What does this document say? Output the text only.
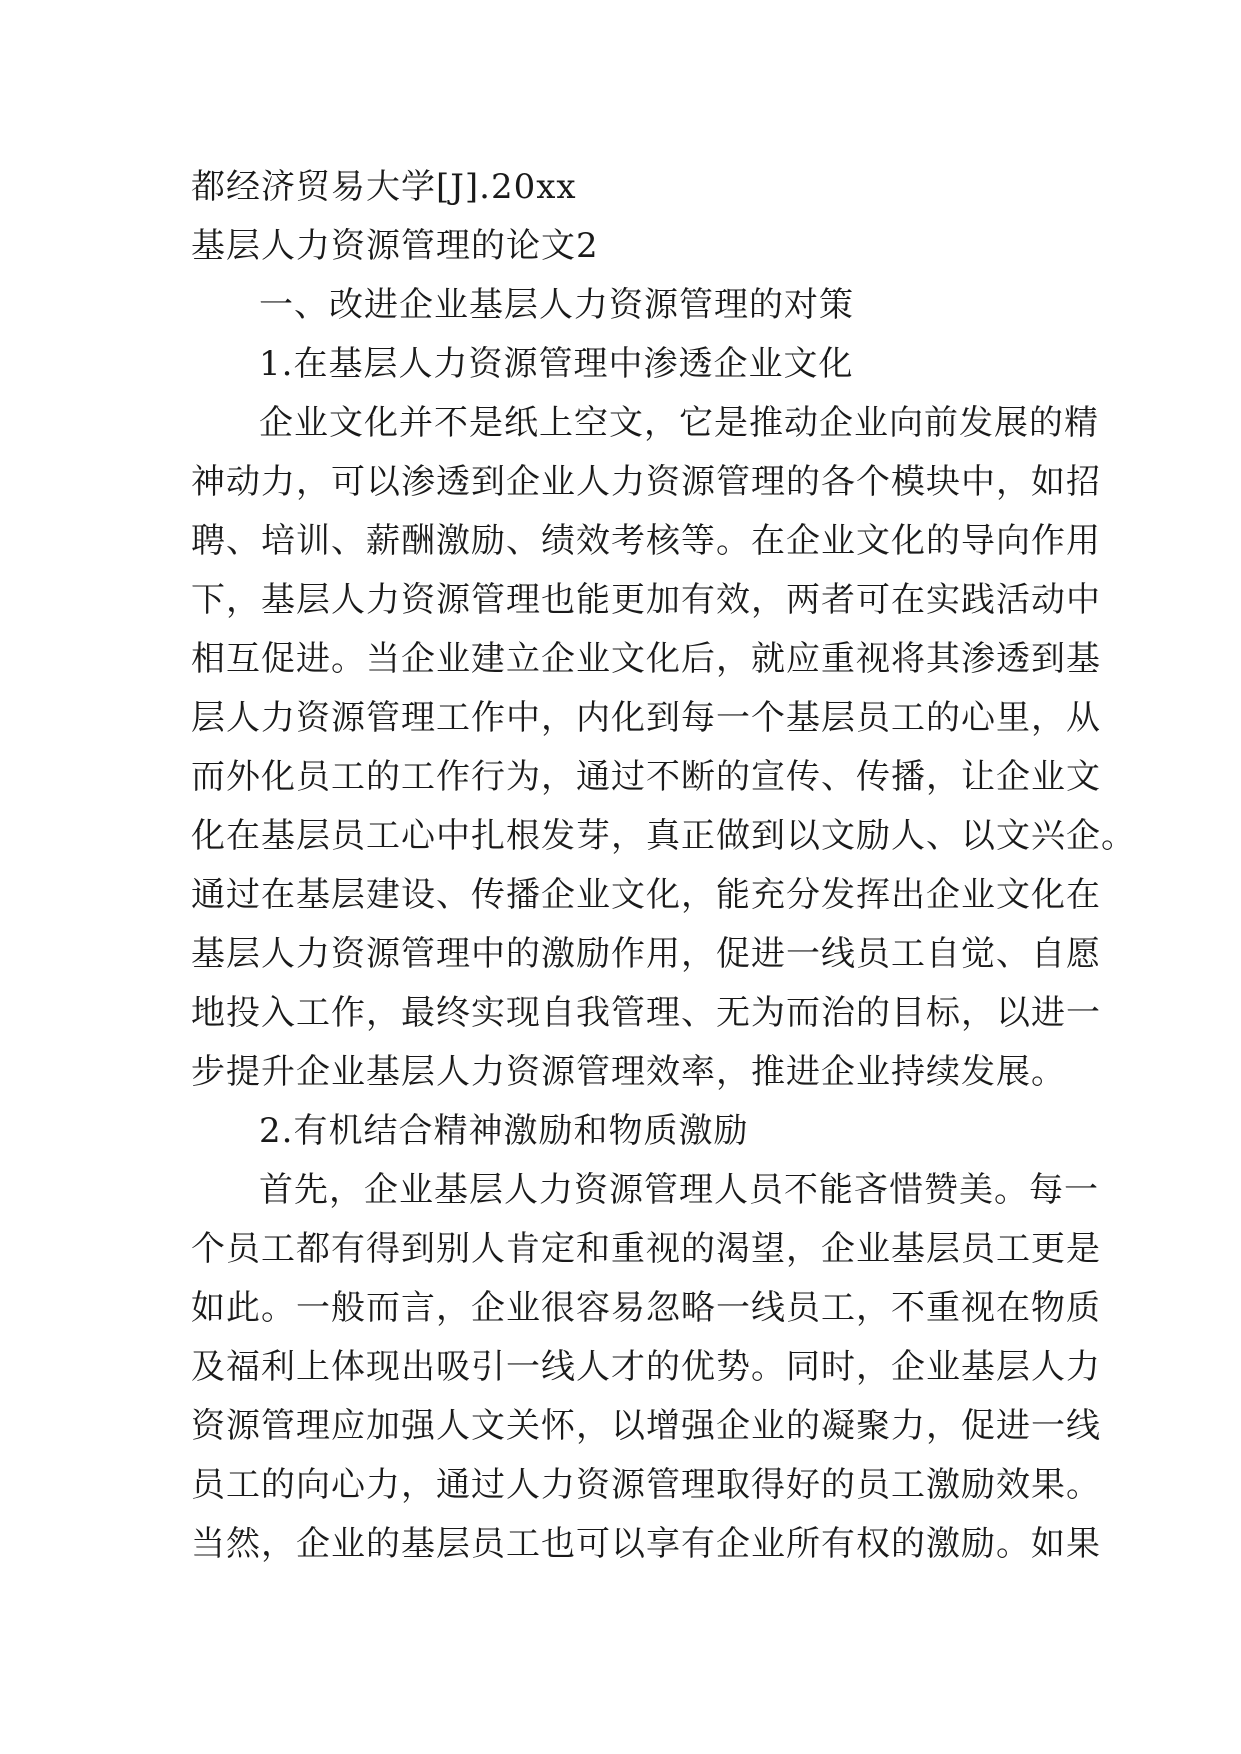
都经济贸易大学[J].20xx
基层人力资源管理的论文2
一、改进企业基层人力资源管理的对策
1.在基层人力资源管理中渗透企业文化
企业文化并不是纸上空文，它是推动企业向前发展的精
神动力，可以渗透到企业人力资源管理的各个模块中，如招
聘、培训、薪酬激励、绩效考核等。在企业文化的导向作用
下，基层人力资源管理也能更加有效，两者可在实践活动中
相互促进。当企业建立企业文化后，就应重视将其渗透到基
层人力资源管理工作中，内化到每一个基层员工的心里，从
而外化员工的工作行为，通过不断的宣传、传播，让企业文
化在基层员工心中扎根发芽，真正做到以文励人、以文兴企。
通过在基层建设、传播企业文化，能充分发挥出企业文化在
基层人力资源管理中的激励作用，促进一线员工自觉、自愿
地投入工作，最终实现自我管理、无为而治的目标，以进一
步提升企业基层人力资源管理效率，推进企业持续发展。
2.有机结合精神激励和物质激励
首先，企业基层人力资源管理人员不能吝惜赞美。每一
个员工都有得到别人肯定和重视的渴望，企业基层员工更是
如此。一般而言，企业很容易忽略一线员工，不重视在物质
及福利上体现出吸引一线人才的优势。同时，企业基层人力
资源管理应加强人文关怀，以增强企业的凝聚力，促进一线
员工的向心力，通过人力资源管理取得好的员工激励效果。
当然，企业的基层员工也可以享有企业所有权的激励。如果
